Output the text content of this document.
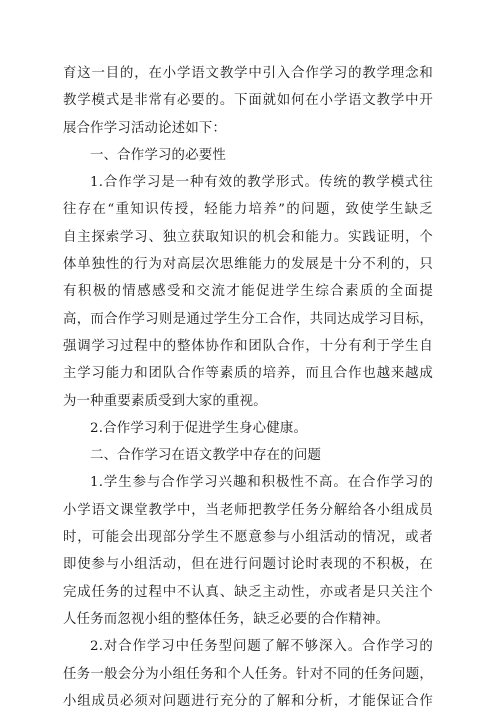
育这一目的，在小学语文教学中引入合作学习的教学理念和
教学模式是非常有必要的。下面就如何在小学语文教学中开
展合作学习活动论述如下：
一、合作学习的必要性
1.合作学习是一种有效的教学形式。传统的教学模式往
往存在“重知识传授，轻能力培养”的问题，致使学生缺乏
自主探索学习、独立获取知识的机会和能力。实践证明，个
体单独性的行为对高层次思维能力的发展是十分不利的，只
有积极的情感感受和交流才能促进学生综合素质的全面提
高，而合作学习则是通过学生分工合作，共同达成学习目标，
强调学习过程中的整体协作和团队合作，十分有利于学生自
主学习能力和团队合作等素质的培养，而且合作也越来越成
为一种重要素质受到大家的重视。
2.合作学习利于促进学生身心健康。
二、合作学习在语文教学中存在的问题
1.学生参与合作学习兴趣和积极性不高。在合作学习的
小学语文课堂教学中，当老师把教学任务分解给各小组成员
时，可能会出现部分学生不愿意参与小组活动的情况，或者
即使参与小组活动，但在进行问题讨论时表现的不积极，在
完成任务的过程中不认真、缺乏主动性，亦或者是只关注个
人任务而忽视小组的整体任务，缺乏必要的合作精神。
2.对合作学习中任务型问题了解不够深入。合作学习的
任务一般会分为小组任务和个人任务。针对不同的任务问题，
小组成员必须对问题进行充分的了解和分析，才能保证合作
